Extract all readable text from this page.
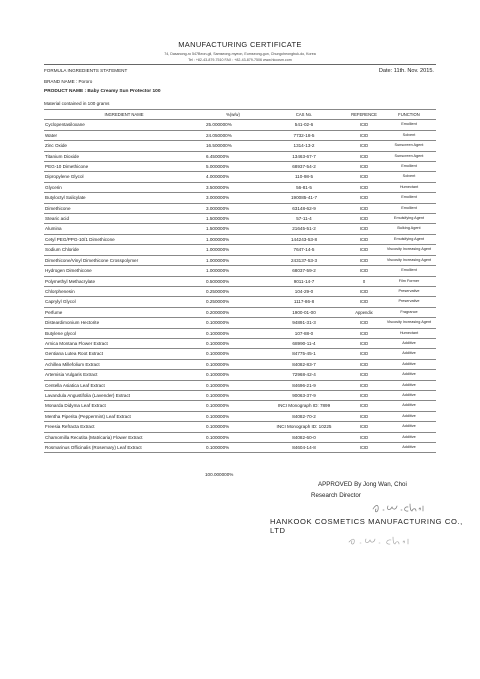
MANUFACTURING CERTIFICATE
74, Dasanong-ro 547Beon-gil, Samseong-myeon, Eumseong-gun, Chungcheongbuk-do, Korea
Tel : +82-43-879-7510 FAX : +82-43-879-7506 www.hkcosm.com
FORMULA INGREDIENTS STATEMENT	Date: 11th. Nov. 2015.
BRAND NAME : Pororo
PRODUCT NAME : Baby Creamy Sun Protector 100
Material contained in 100 grams
INGREDIENT NAME	%(w/w)	CAS No.	REFERENCE	FUNCTION
Cyclopentasiloxane	25.000000%	541-02-6	ICID	Emollient
Water	24.050000%	7732-18-5	ICID	Solvent
Zinc Oxide	16.500000%	1314-13-2	ICID	Sunscreen Agent
Titanium Dioxide	6.450000%	13463-67-7	ICID	Sunscreen Agent
PEG-10 Dimethicone	5.000000%	68937-54-2	ICID	Emollient
Dipropylene Glycol	4.000000%	110-98-5	ICID	Solvent
Glycerin	3.500000%	56-81-5	ICID	Humectant
Butyloctyl Salicylate	3.000000%	190085-41-7	ICID	Emollient
Dimethicone	3.000000%	63148-62-9	ICID	Emollient
Stearic acid	1.500000%	57-11-4	ICID	Emulsifying Agent
Alumina	1.500000%	21645-51-2	ICID	Bulking Agent
Cetyl PEG/PPG-10/1 Dimethicone	1.000000%	144243-53-8	ICID	Emulsifying Agent
Sodium Chloride	1.000000%	7647-14-5	ICID	Viscosity Increasing Agent
Dimethicone/Vinyl Dimethicone Crosspolymer	1.000000%	243137-53-3	ICID	Viscosity Increasing Agent
Hydrogen Dimethicone	1.000000%	68037-59-2	ICID	Emollient
Polymethyl Methacrylate	0.500000%	9011-14-7	0	Film Former
Chlorphenesin	0.250000%	104-29-0	ICID	Preservative
Caprylyl Glycol	0.250000%	1117-86-8	ICID	Preservative
Perfume	0.200000%	1900-01-00	Appendix	Fragrance
Disteardimonium Hectorite	0.100000%	94891-31-3	ICID	Viscosity Increasing Agent
Butylene glycol	0.100000%	107-88-0	ICID	Humectant
Arnica Montana Flower Extract	0.100000%	68990-11-4	ICID	Additive
Gentiana Lutea Root Extract	0.100000%	84775-45-1	ICID	Additive
Achillea Millefolium Extract	0.100000%	84082-83-7	ICID	Additive
Artemisia Vulgaris Extract	0.100000%	72968-42-4	ICID	Additive
Centella Asiatica Leaf Extract	0.100000%	84696-21-9	ICID	Additive
Lavandula Angustifolia (Lavender) Extract	0.100000%	90063-37-9	ICID	Additive
Monarda Didyma Leaf Extract	0.100000%	INCI Monograph ID: 7899	ICID	Additive
Mentha Piperita (Peppermint) Leaf Extract	0.100000%	84082-70-2	ICID	Additive
Freesia Refracta Extract	0.100000%	INCI Monograph ID: 10225	ICID	Additive
Chamomilla Recutita (Matricaria) Flower Extract	0.100000%	84082-60-0	ICID	Additive
Rosmarinus Officinalis (Rosemary) Leaf Extract	0.100000%	84604-14-8	ICID	Additive
100.000000%
APPROVED By Jong Wan, Choi
Research Director
HANKOOK COSMETICS MANUFACTURING CO., LTD
